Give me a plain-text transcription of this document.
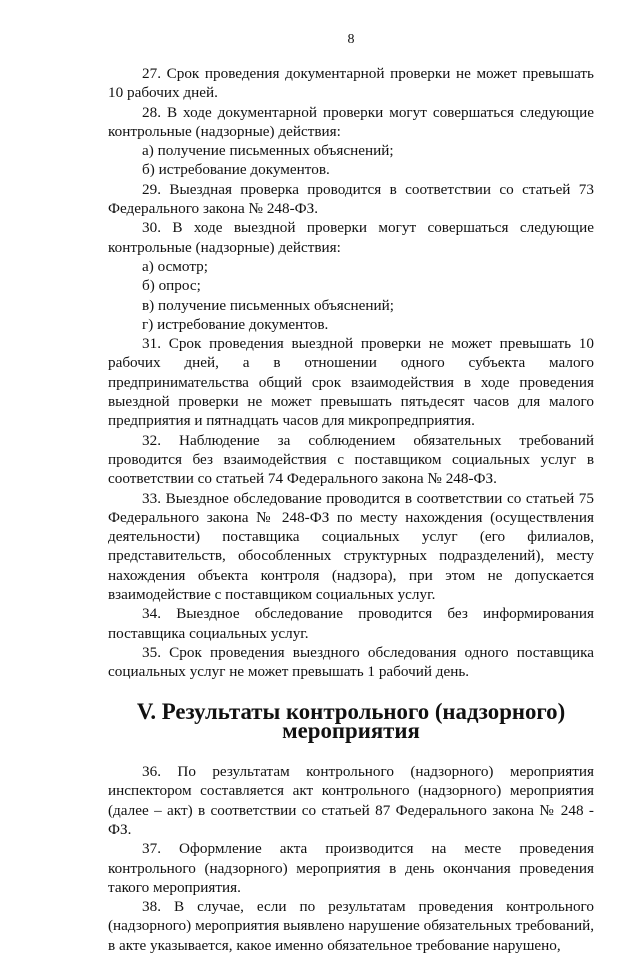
8

27. Срок проведения документарной проверки не может превышать 10 рабочих дней.

28. В ходе документарной проверки могут совершаться следующие контрольные (надзорные) действия:

а) получение письменных объяснений;

б) истребование документов.

29. Выездная проверка проводится в соответствии со статьей 73 Федерального закона № 248-ФЗ.

30. В ходе выездной проверки могут совершаться следующие контрольные (надзорные) действия:

а) осмотр;

б) опрос;

в) получение письменных объяснений;

г) истребование документов.

31. Срок проведения выездной проверки не может превышать 10 рабочих дней, а в отношении одного субъекта малого предпринимательства общий срок взаимодействия в ходе проведения выездной проверки не может превышать пятьдесят часов для малого предприятия и пятнадцать часов для микропредприятия.

32. Наблюдение за соблюдением обязательных требований проводится без взаимодействия с поставщиком социальных услуг в соответствии со статьей 74 Федерального закона № 248-ФЗ.

33. Выездное обследование проводится в соответствии со статьей 75 Федерального закона № 248-ФЗ по месту нахождения (осуществления деятельности) поставщика социальных услуг (его филиалов, представительств, обособленных структурных подразделений), месту нахождения объекта контроля (надзора), при этом не допускается взаимодействие с поставщиком социальных услуг.

34. Выездное обследование проводится без информирования поставщика социальных услуг.

35. Срок проведения выездного обследования одного поставщика социальных услуг не может превышать 1 рабочий день.

V. Результаты контрольного (надзорного) мероприятия

36. По результатам контрольного (надзорного) мероприятия инспектором составляется акт контрольного (надзорного) мероприятия (далее – акт) в соответствии со статьей 87 Федерального закона № 248 - ФЗ.

37. Оформление акта производится на месте проведения контрольного (надзорного) мероприятия в день окончания проведения такого мероприятия.

38. В случае, если по результатам проведения контрольного (надзорного) мероприятия выявлено нарушение обязательных требований, в акте указывается, какое именно обязательное требование нарушено,
